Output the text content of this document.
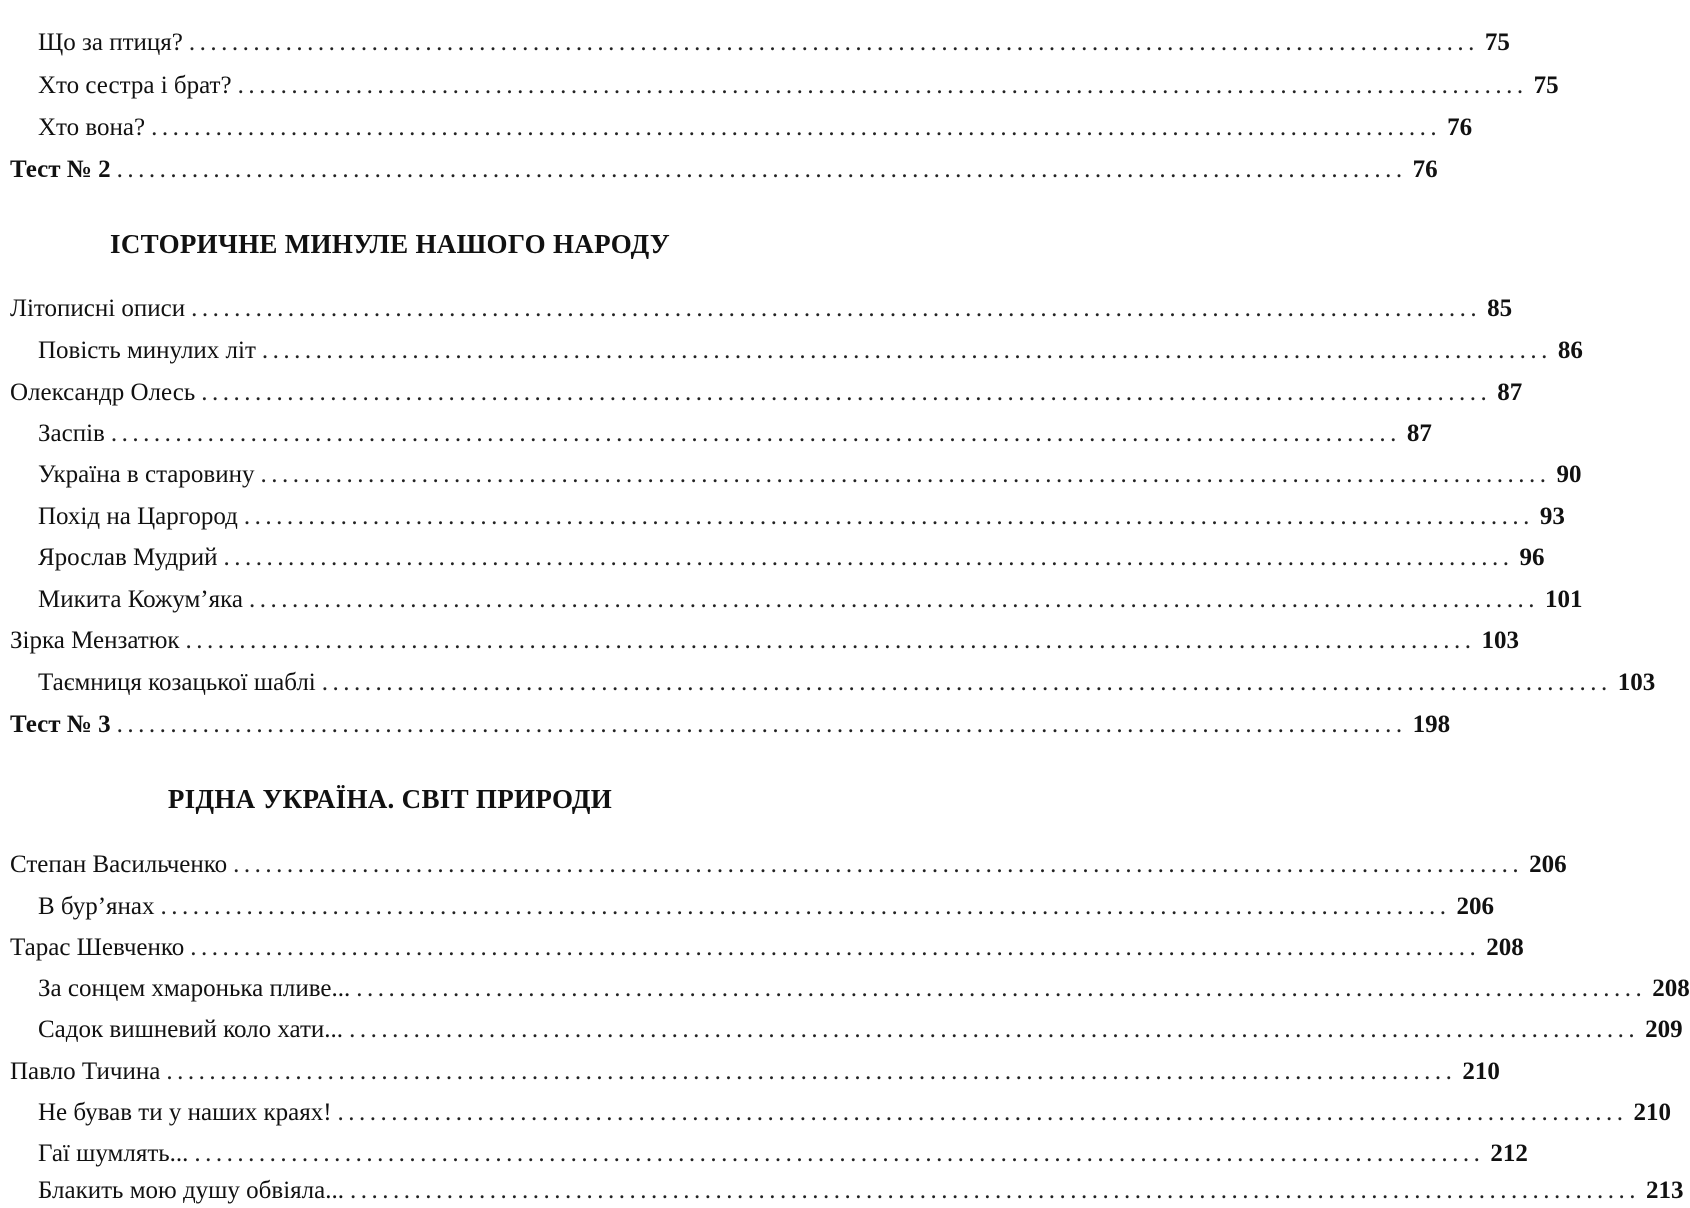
Що за птиця? ........................................................................................................................ 75
Хто сестра і брат? ........................................................................................................................ 75
Хто вона? ........................................................................................................................ 76
Тест № 2 ........................................................................................................................ 76
ІСТОРИЧНЕ МИНУЛЕ НАШОГО НАРОДУ
Літописні описи ........................................................................................................................ 85
Повість минулих літ ........................................................................................................................ 86
Олександр Олесь ........................................................................................................................ 87
Заспів ........................................................................................................................ 87
Україна в старовину ........................................................................................................................ 90
Похід на Царгород ........................................................................................................................ 93
Ярослав Мудрий ........................................................................................................................ 96
Микита Кожум’яка ........................................................................................................................ 101
Зірка Мензатюк ........................................................................................................................ 103
Таємниця козацької шаблі ........................................................................................................................ 103
Тест № 3 ........................................................................................................................ 198
РІДНА УКРАЇНА. СВІТ ПРИРОДИ
Степан Васильченко ........................................................................................................................ 206
В бур’янах ........................................................................................................................ 206
Тарас Шевченко ........................................................................................................................ 208
За сонцем хмаронька пливе... ........................................................................................................................ 208
Садок вишневий коло хати... ........................................................................................................................ 209
Павло Тичина ........................................................................................................................ 210
Не бував ти у наших краях! ........................................................................................................................ 210
Гаї шумлять... ........................................................................................................................ 212
Блакить мою душу обвіяла... ........................................................................................................................ 213
